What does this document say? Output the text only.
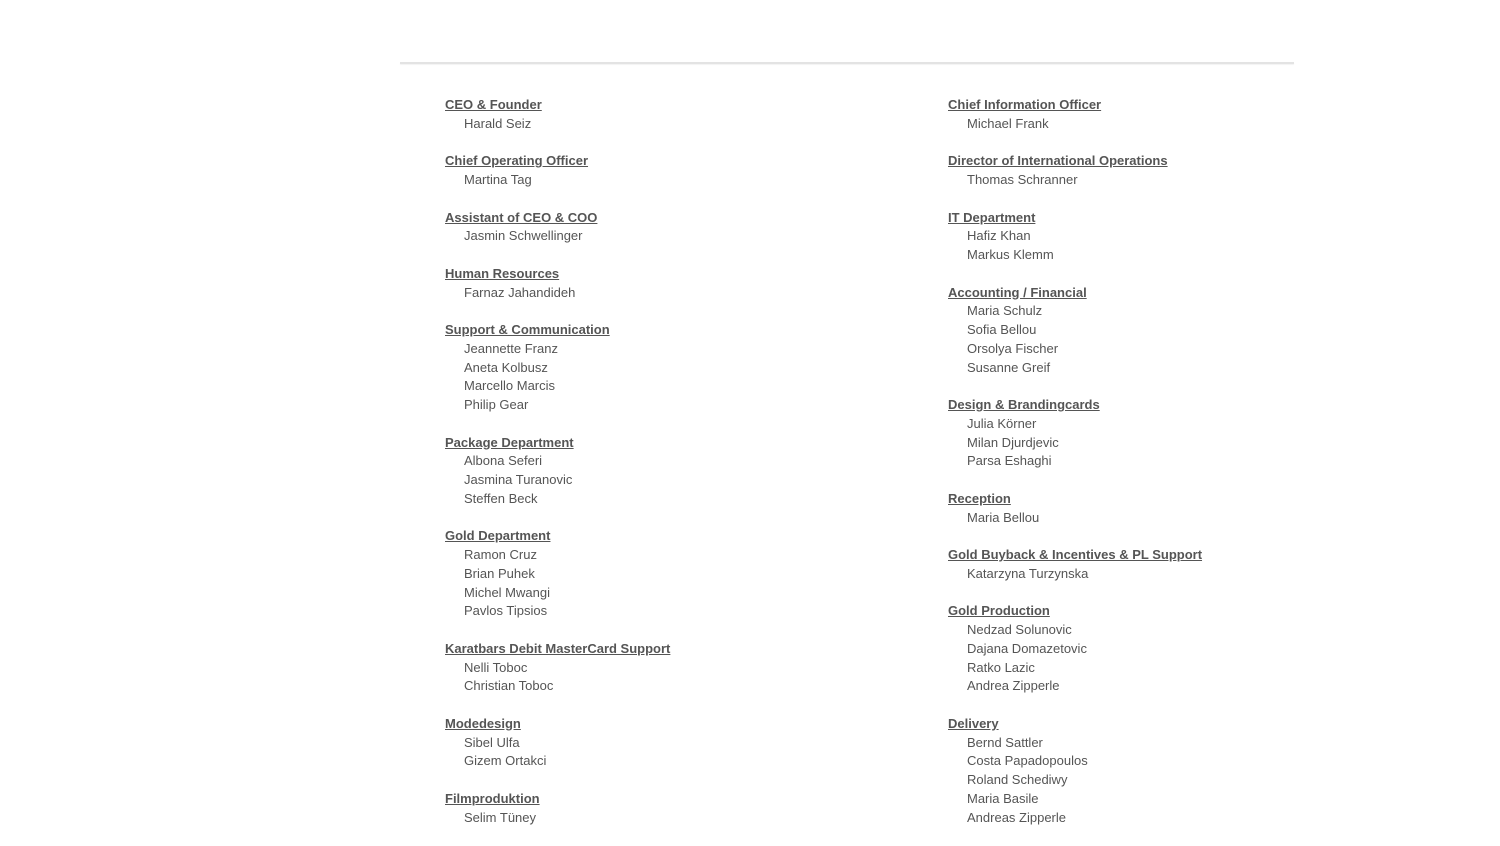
CEO & Founder
Harald Seiz
Chief Operating Officer
Martina Tag
Assistant of CEO & COO
Jasmin Schwellinger
Human Resources
Farnaz Jahandideh
Support & Communication
Jeannette Franz
Aneta Kolbusz
Marcello Marcis
Philip Gear
Package Department
Albona Seferi
Jasmina Turanovic
Steffen Beck
Gold Department
Ramon Cruz
Brian Puhek
Michel Mwangi
Pavlos Tipsios
Karatbars Debit MasterCard Support
Nelli Toboc
Christian Toboc
Modedesign
Sibel Ulfa
Gizem Ortakci
Filmproduktion
Selim Tüney
Chief Information Officer
Michael Frank
Director of International Operations
Thomas Schranner
IT Department
Hafiz Khan
Markus Klemm
Accounting / Financial
Maria Schulz
Sofia Bellou
Orsolya Fischer
Susanne Greif
Design & Brandingcards
Julia Körner
Milan Djurdjevic
Parsa Eshaghi
Reception
Maria Bellou
Gold Buyback & Incentives & PL Support
Katarzyna Turzynska
Gold Production
Nedzad Solunovic
Dajana Domazetovic
Ratko Lazic
Andrea Zipperle
Delivery
Bernd Sattler
Costa Papadopoulos
Roland Schediwy
Maria Basile
Andreas Zipperle
